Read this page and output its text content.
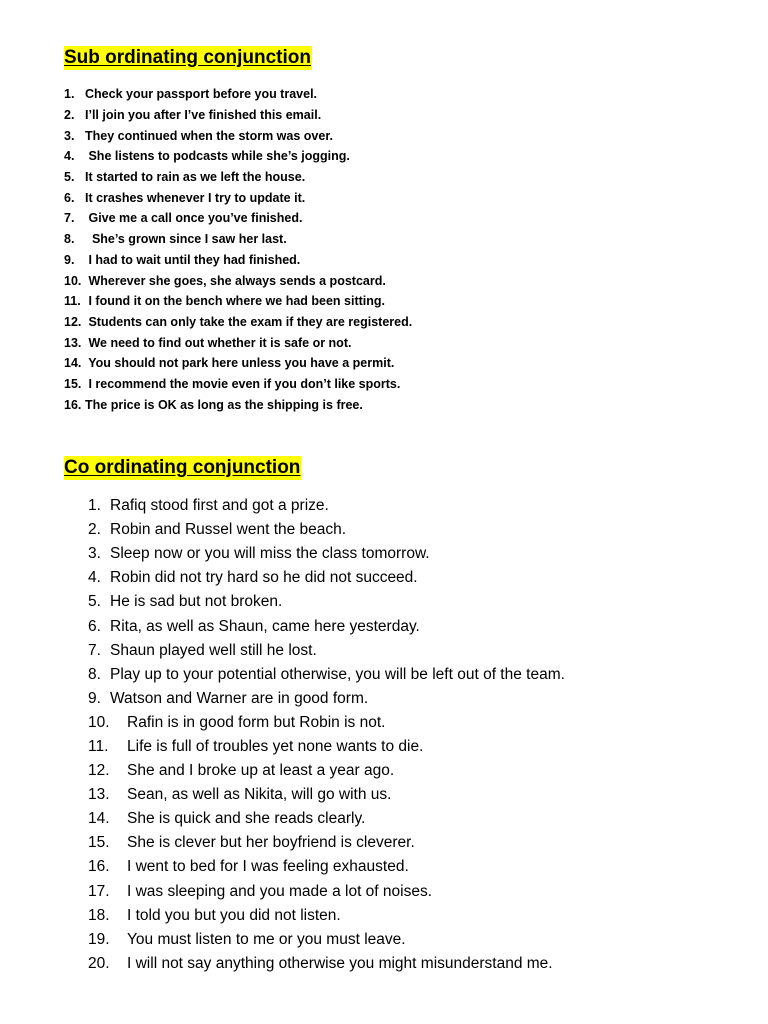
Sub ordinating conjunction
1. Check your passport before you travel.
2. I’ll join you after I’ve finished this email.
3. They continued when the storm was over.
4. She listens to podcasts while she’s jogging.
5. It started to rain as we left the house.
6. It crashes whenever I try to update it.
7. Give me a call once you’ve finished.
8. She’s grown since I saw her last.
9. I had to wait until they had finished.
10. Wherever she goes, she always sends a postcard.
11. I found it on the bench where we had been sitting.
12. Students can only take the exam if they are registered.
13. We need to find out whether it is safe or not.
14. You should not park here unless you have a permit.
15. I recommend the movie even if you don’t like sports.
16. The price is OK as long as the shipping is free.
Co ordinating conjunction
1. Rafiq stood first and got a prize.
2. Robin and Russel went the beach.
3. Sleep now or you will miss the class tomorrow.
4. Robin did not try hard so he did not succeed.
5. He is sad but not broken.
6. Rita, as well as Shaun, came here yesterday.
7. Shaun played well still he lost.
8. Play up to your potential otherwise, you will be left out of the team.
9. Watson and Warner are in good form.
10.	Rafin is in good form but Robin is not.
11.	Life is full of troubles yet none wants to die.
12.	She and I broke up at least a year ago.
13.	Sean, as well as Nikita, will go with us.
14.	She is quick and she reads clearly.
15.	She is clever but her boyfriend is cleverer.
16.	I went to bed for I was feeling exhausted.
17.	I was sleeping and you made a lot of noises.
18.	I told you but you did not listen.
19.	You must listen to me or you must leave.
20.	I will not say anything otherwise you might misunderstand me.
